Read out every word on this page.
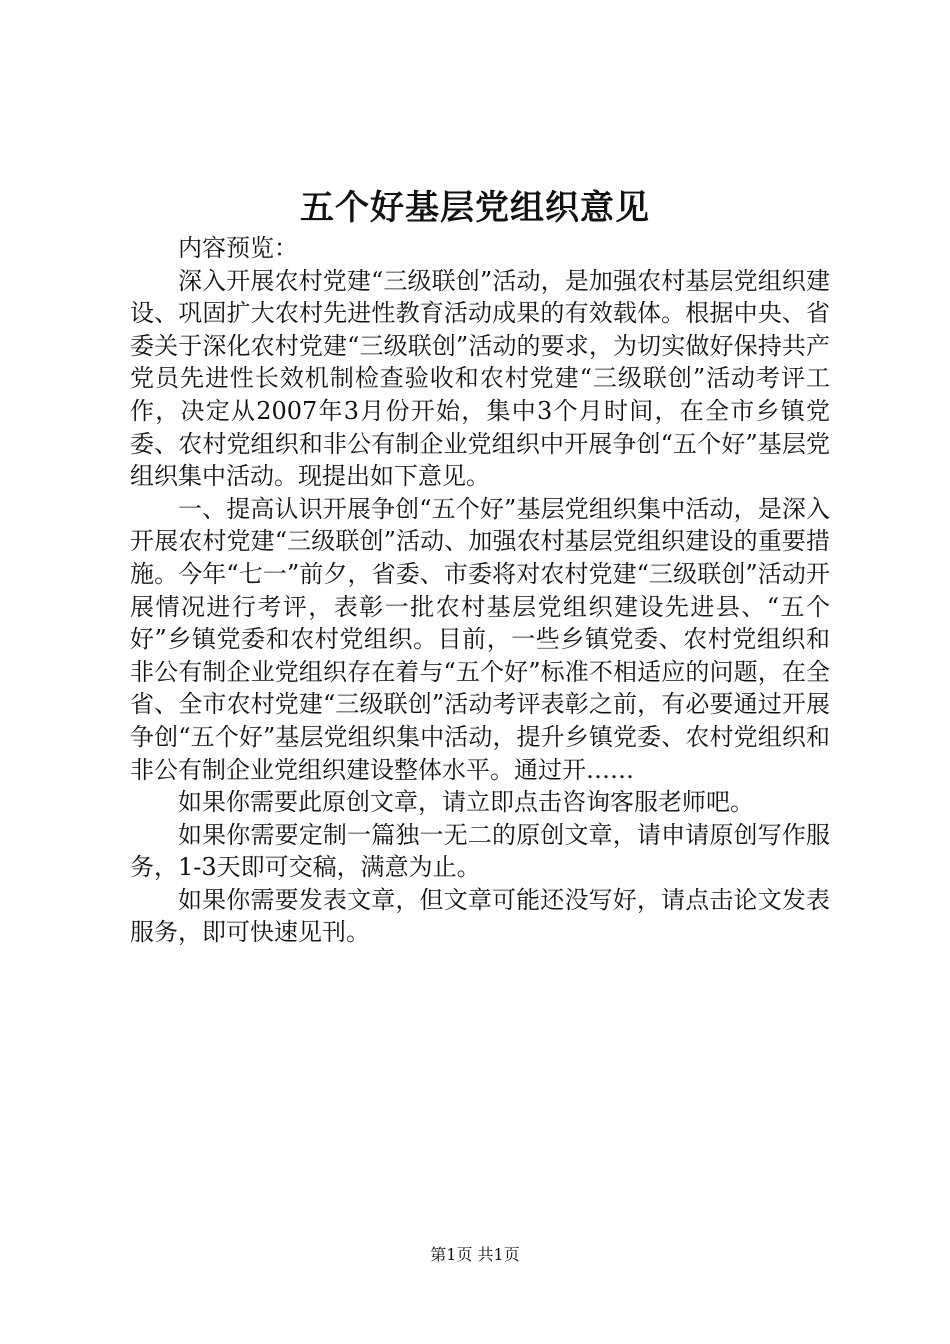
五个好基层党组织意见

内容预览：

深入开展农村党建“三级联创”活动，是加强农村基层党组织建设、巩固扩大农村先进性教育活动成果的有效载体。根据中央、省委关于深化农村党建“三级联创”活动的要求，为切实做好保持共产党员先进性长效机制检查验收和农村党建“三级联创”活动考评工作，决定从2007年3月份开始，集中3个月时间，在全市乡镇党委、农村党组织和非公有制企业党组织中开展争创“五个好”基层党组织集中活动。现提出如下意见。

一、提高认识开展争创“五个好”基层党组织集中活动，是深入开展农村党建“三级联创”活动、加强农村基层党组织建设的重要措施。今年“七一”前夕，省委、市委将对农村党建“三级联创”活动开展情况进行考评，表彰一批农村基层党组织建设先进县、“五个好”乡镇党委和农村党组织。目前，一些乡镇党委、农村党组织和非公有制企业党组织存在着与“五个好”标准不相适应的问题，在全省、全市农村党建“三级联创”活动考评表彰之前，有必要通过开展争创“五个好”基层党组织集中活动，提升乡镇党委、农村党组织和非公有制企业党组织建设整体水平。通过开……

如果你需要此原创文章，请立即点击咨询客服老师吧。

如果你需要定制一篇独一无二的原创文章，请申请原创写作服务，1-3天即可交稿，满意为止。

如果你需要发表文章，但文章可能还没写好，请点击论文发表服务，即可快速见刊。

第1页 共1页
